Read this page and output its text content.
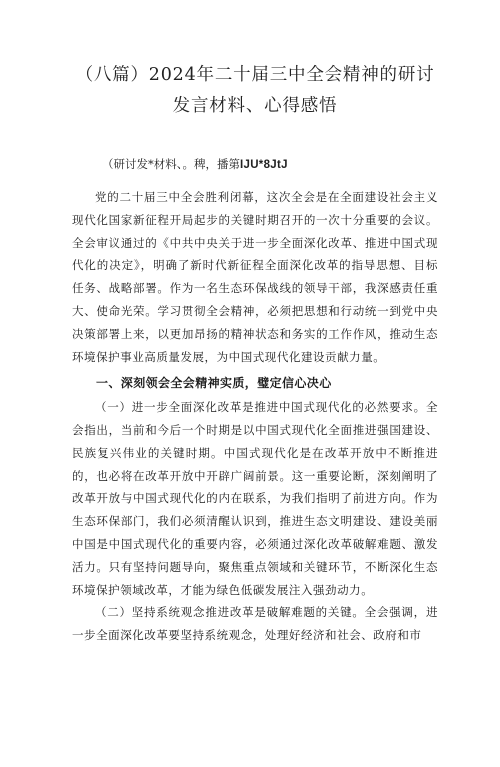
（八篇）2024年二十届三中全会精神的研讨
发言材料、心得感悟
（研讨发*材料、。稗，播第IJU*8JtJ

党的二十届三中全会胜利闭幕，这次全会是在全面建设社会主义现代化国家新征程开局起步的关键时期召开的一次十分重要的会议。全会审议通过的《中共中央关于进一步全面深化改革、推进中国式现代化的决定》，明确了新时代新征程全面深化改革的指导思想、目标任务、战略部署。作为一名生态环保战线的领导干部，我深感责任重大、使命光荣。学习贯彻全会精神，必须把思想和行动统一到党中央决策部署上来，以更加昂扬的精神状态和务实的工作作风，推动生态环境保护事业高质量发展，为中国式现代化建设贡献力量。

一、深刻领会全会精神实质，璧定信心决心

（一）进一步全面深化改革是推进中国式现代化的必然要求。全会指出，当前和今后一个时期是以中国式现代化全面推进强国建设、民族复兴伟业的关键时期。中国式现代化是在改革开放中不断推进的，也必将在改革开放中开辟广阔前景。这一重要论断，深刻阐明了改革开放与中国式现代化的内在联系，为我们指明了前进方向。作为生态环保部门，我们必须清醒认识到，推进生态文明建设、建设美丽中国是中国式现代化的重要内容，必须通过深化改革破解难题、激发活力。只有坚持问题导向，聚焦重点领域和关键环节，不断深化生态环境保护领域改革，才能为绿色低碳发展注入强劲动力。

（二）坚持系统观念推进改革是破解难题的关键。全会强调，进一步全面深化改革要坚持系统观念，处理好经济和社会、政府和市
